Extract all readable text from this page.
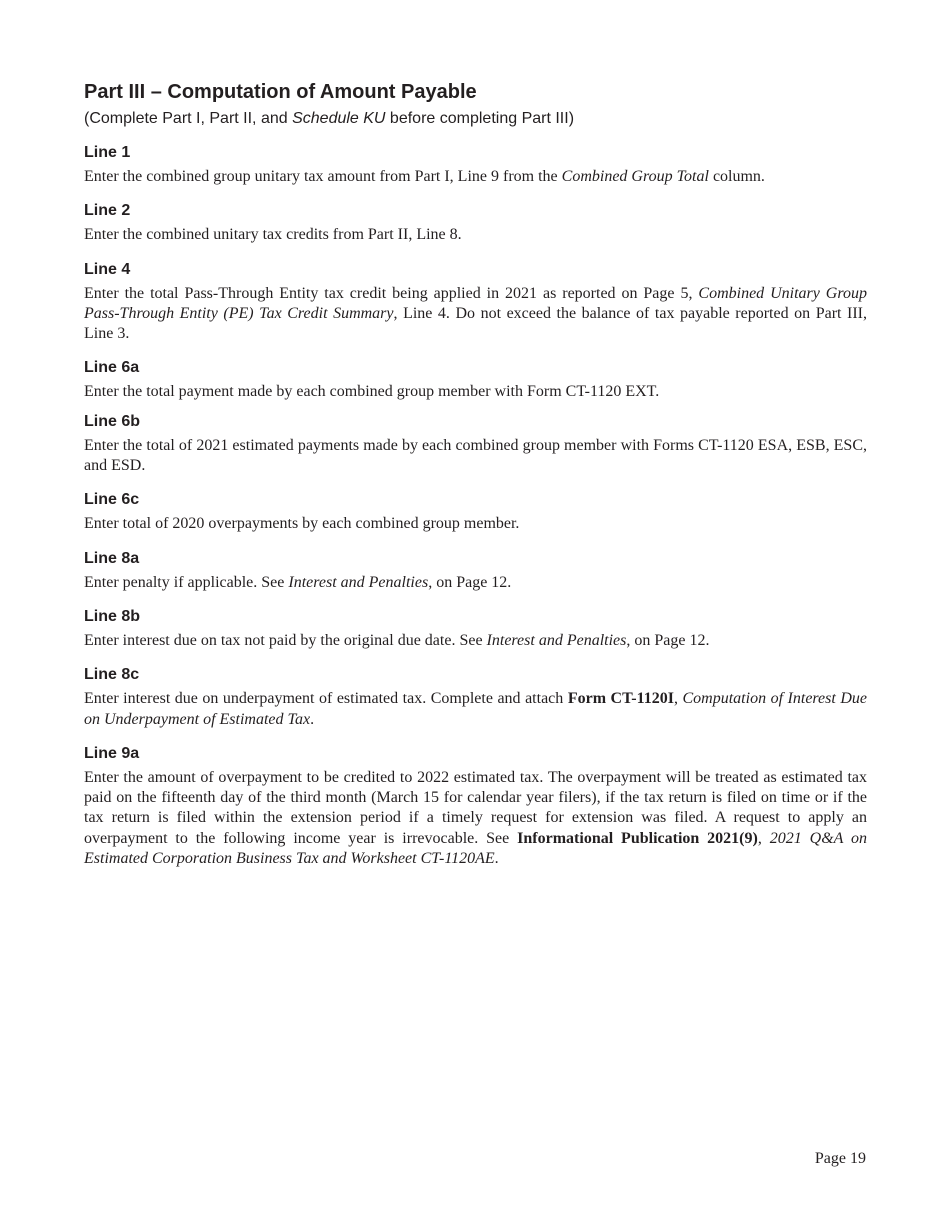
Part III – Computation of Amount Payable

(Complete Part I, Part II, and Schedule KU before completing Part III)

Line 1

Enter the combined group unitary tax amount from Part I, Line 9 from the Combined Group Total column.

Line 2

Enter the combined unitary tax credits from Part II, Line 8.

Line 4

Enter the total Pass-Through Entity tax credit being applied in 2021 as reported on Page 5, Combined Unitary Group Pass-Through Entity (PE) Tax Credit Summary, Line 4. Do not exceed the balance of tax payable reported on Part III, Line 3.

Line 6a

Enter the total payment made by each combined group member with Form CT-1120 EXT.

Line 6b

Enter the total of 2021 estimated payments made by each combined group member with Forms CT-1120 ESA, ESB, ESC, and ESD.

Line 6c

Enter total of 2020 overpayments by each combined group member.

Line 8a

Enter penalty if applicable. See Interest and Penalties, on Page 12.

Line 8b

Enter interest due on tax not paid by the original due date. See Interest and Penalties, on Page 12.

Line 8c

Enter interest due on underpayment of estimated tax. Complete and attach Form CT-1120I, Computation of Interest Due on Underpayment of Estimated Tax.

Line 9a

Enter the amount of overpayment to be credited to 2022 estimated tax. The overpayment will be treated as estimated tax paid on the fifteenth day of the third month (March 15 for calendar year filers), if the tax return is filed on time or if the tax return is filed within the extension period if a timely request for extension was filed. A request to apply an overpayment to the following income year is irrevocable. See Informational Publication 2021(9), 2021 Q&A on Estimated Corporation Business Tax and Worksheet CT-1120AE.

Page 19
